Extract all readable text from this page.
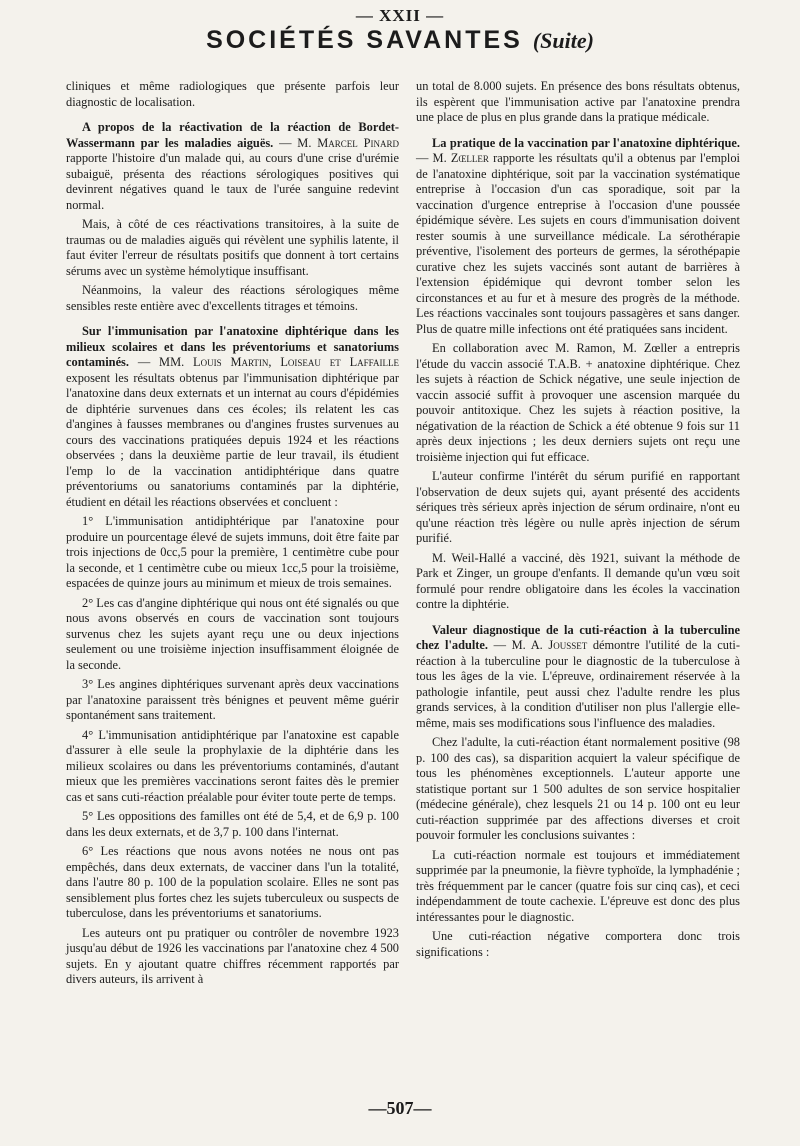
— XXII —
SOCIÉTÉS SAVANTES (Suite)

cliniques et même radiologiques que présente parfois leur diagnostic de localisation.

A propos de la réactivation de la réaction de Bordet-Wassermann par les maladies aiguës. — M. Marcel Pinard rapporte l'histoire d'un malade qui, au cours d'une crise d'urémie subaiguë, présenta des réactions sérologiques positives qui devinrent négatives quand le taux de l'urée sanguine redevint normal.

Mais, à côté de ces réactivations transitoires, à la suite de traumas ou de maladies aiguës qui révèlent une syphilis latente, il faut éviter l'erreur de résultats positifs que donnent à tort certains sérums avec un système hémolytique insuffisant.

Néanmoins, la valeur des réactions sérologiques même sensibles reste entière avec d'excellents titrages et témoins.

Sur l'immunisation par l'anatoxine diphtérique dans les milieux scolaires et dans les préventoriums et sanatoriums contaminés. — MM. Louis Martin, Loiseau et Laffaille exposent les résultats obtenus par l'immunisation diphtérique par l'anatoxine dans deux externats et un internat au cours d'épidémies de diphtérie survenues dans ces écoles; ils relatent les cas d'angines à fausses membranes ou d'angines frustes survenues au cours des vaccinations pratiquées depuis 1924 et les réactions observées ; dans la deuxième partie de leur travail, ils étudient l'emp lo de la vaccination antidiphtérique dans quatre préventoriums ou sanatoriums contaminés par la diphtérie, étudient en détail les réactions observées et concluent :

1° L'immunisation antidiphtérique par l'anatoxine pour produire un pourcentage élevé de sujets immuns, doit être faite par trois injections de 0cc,5 pour la première, 1 centimètre cube pour la seconde, et 1 centimètre cube ou mieux 1cc,5 pour la troisième, espacées de quinze jours au minimum et mieux de trois semaines.

2° Les cas d'angine diphtérique qui nous ont été signalés ou que nous avons observés en cours de vaccination sont toujours survenus chez les sujets ayant reçu une ou deux injections seulement ou une troisième injection insuffisamment éloignée de la seconde.

3° Les angines diphtériques survenant après deux vaccinations par l'anatoxine paraissent très bénignes et peuvent même guérir spontanément sans traitement.

4° L'immunisation antidiphtérique par l'anatoxine est capable d'assurer à elle seule la prophylaxie de la diphtérie dans les milieux scolaires ou dans les préventoriums contaminés, d'autant mieux que les premières vaccinations seront faites dès le premier cas et sans cuti-réaction préalable pour éviter toute perte de temps.

5° Les oppositions des familles ont été de 5,4, et de 6,9 p. 100 dans les deux externats, et de 3,7 p. 100 dans l'internat.

6° Les réactions que nous avons notées ne nous ont pas empêchés, dans deux externats, de vacciner dans l'un la totalité, dans l'autre 80 p. 100 de la population scolaire. Elles ne sont pas sensiblement plus fortes chez les sujets tuberculeux ou suspects de tuberculose, dans les préventoriums et sanatoriums.

Les auteurs ont pu pratiquer ou contrôler de novembre 1923 jusqu'au début de 1926 les vaccinations par l'anatoxine chez 4 500 sujets. En y ajoutant quatre chiffres récemment rapportés par divers auteurs, ils arrivent à

un total de 8.000 sujets. En présence des bons résultats obtenus, ils espèrent que l'immunisation active par l'anatoxine prendra une place de plus en plus grande dans la pratique médicale.

La pratique de la vaccination par l'anatoxine diphtérique. — M. Zœller rapporte les résultats qu'il a obtenus par l'emploi de l'anatoxine diphtérique, soit par la vaccination systématique entreprise à l'occasion d'un cas sporadique, soit par la vaccination d'urgence entreprise à l'occasion d'une poussée épidémique sévère. Les sujets en cours d'immunisation doivent rester soumis à une surveillance médicale. La sérothérapie préventive, l'isolement des porteurs de germes, la sérothépapie curative chez les sujets vaccinés sont autant de barrières à l'extension épidémique qui devront tomber selon les circonstances et au fur et à mesure des progrès de la méthode. Les réactions vaccinales sont toujours passagères et sans danger. Plus de quatre mille infections ont été pratiquées sans incident.

En collaboration avec M. Ramon, M. Zœller a entrepris l'étude du vaccin associé T.A.B. + anatoxine diphtérique. Chez les sujets à réaction de Schick négative, une seule injection de vaccin associé suffit à provoquer une ascension marquée du pouvoir antitoxique. Chez les sujets à réaction positive, la négativation de la réaction de Schick a été obtenue 9 fois sur 11 après deux injections ; les deux derniers sujets ont reçu une troisième injection qui fut efficace.

L'auteur confirme l'intérêt du sérum purifié en rapportant l'observation de deux sujets qui, ayant présenté des accidents sériques très sérieux après injection de sérum ordinaire, n'ont eu qu'une réaction très légère ou nulle après injection de sérum purifié.

M. Weil-Hallé a vacciné, dès 1921, suivant la méthode de Park et Zinger, un groupe d'enfants. Il demande qu'un vœu soit formulé pour rendre obligatoire dans les écoles la vaccination contre la diphtérie.

Valeur diagnostique de la cuti-réaction à la tuberculine chez l'adulte. — M. A. Jousset démontre l'utilité de la cuti-réaction à la tuberculine pour le diagnostic de la tuberculose à tous les âges de la vie. L'épreuve, ordinairement réservée à la pathologie infantile, peut aussi chez l'adulte rendre les plus grands services, à la condition d'utiliser non plus l'allergie elle-même, mais ses modifications sous l'influence des maladies.

Chez l'adulte, la cuti-réaction étant normalement positive (98 p. 100 des cas), sa disparition acquiert la valeur spécifique de tous les phénomènes exceptionnels. L'auteur apporte une statistique portant sur 1 500 adultes de son service hospitalier (médecine générale), chez lesquels 21 ou 14 p. 100 ont eu leur cuti-réaction supprimée par des affections diverses et croit pouvoir formuler les conclusions suivantes :

La cuti-réaction normale est toujours et immédiatement supprimée par la pneumonie, la fièvre typhoïde, la lymphadénie ; très fréquemment par le cancer (quatre fois sur cinq cas), et ceci indépendamment de toute cachexie. L'épreuve est donc des plus intéressantes pour le diagnostic.

Une cuti-réaction négative comportera donc trois significations :

—507—
